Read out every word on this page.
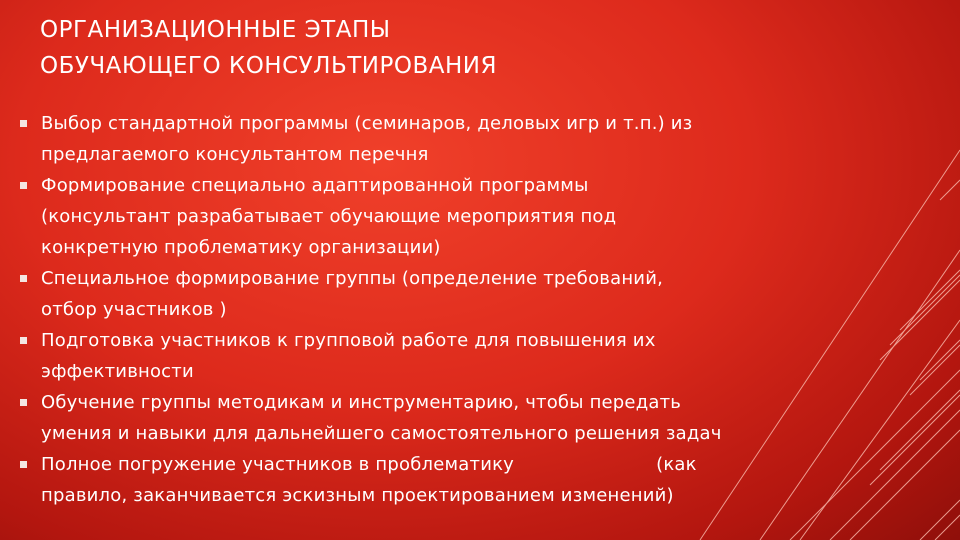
ОРГАНИЗАЦИОННЫЕ ЭТАПЫ
ОБУЧАЮЩЕГО КОНСУЛЬТИРОВАНИЯ
Выбор стандартной программы (семинаров, деловых игр и т.п.) из
предлагаемого консультантом перечня
Формирование специально адаптированной программы
(консультант разрабатывает обучающие мероприятия под
конкретную проблематику организации)
Специальное формирование группы (определение требований,
отбор участников )
Подготовка участников к групповой работе для повышения их
эффективности
Обучение группы методикам и инструментарию, чтобы передать
умения и навыки для дальнейшего самостоятельного решения задач
Полное погружение участников в проблематику                        (как
правило, заканчивается эскизным проектированием изменений)
